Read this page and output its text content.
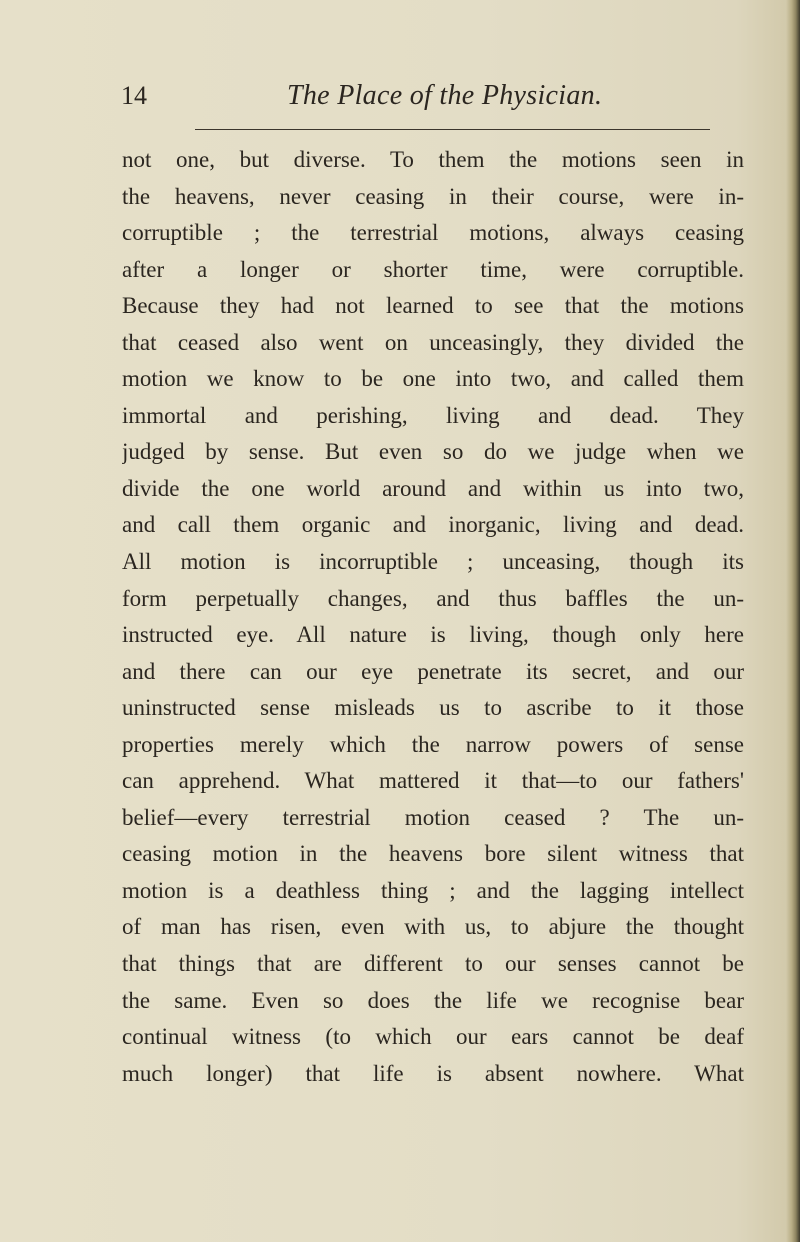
14	The Place of the Physician.
not one, but diverse. To them the motions seen in
the heavens, never ceasing in their course, were in-
corruptible ; the terrestrial motions, always ceasing
after a longer or shorter time, were corruptible.
Because they had not learned to see that the motions
that ceased also went on unceasingly, they divided the
motion we know to be one into two, and called them
immortal and perishing, living and dead. They
judged by sense. But even so do we judge when we
divide the one world around and within us into two,
and call them organic and inorganic, living and dead.
All motion is incorruptible ; unceasing, though its
form perpetually changes, and thus baffles the un-
instructed eye. All nature is living, though only here
and there can our eye penetrate its secret, and our
uninstructed sense misleads us to ascribe to it those
properties merely which the narrow powers of sense
can apprehend. What mattered it that—to our fathers'
belief—every terrestrial motion ceased ? The un-
ceasing motion in the heavens bore silent witness that
motion is a deathless thing ; and the lagging intellect
of man has risen, even with us, to abjure the thought
that things that are different to our senses cannot be
the same. Even so does the life we recognise bear
continual witness (to which our ears cannot be deaf
much longer) that life is absent nowhere. What
